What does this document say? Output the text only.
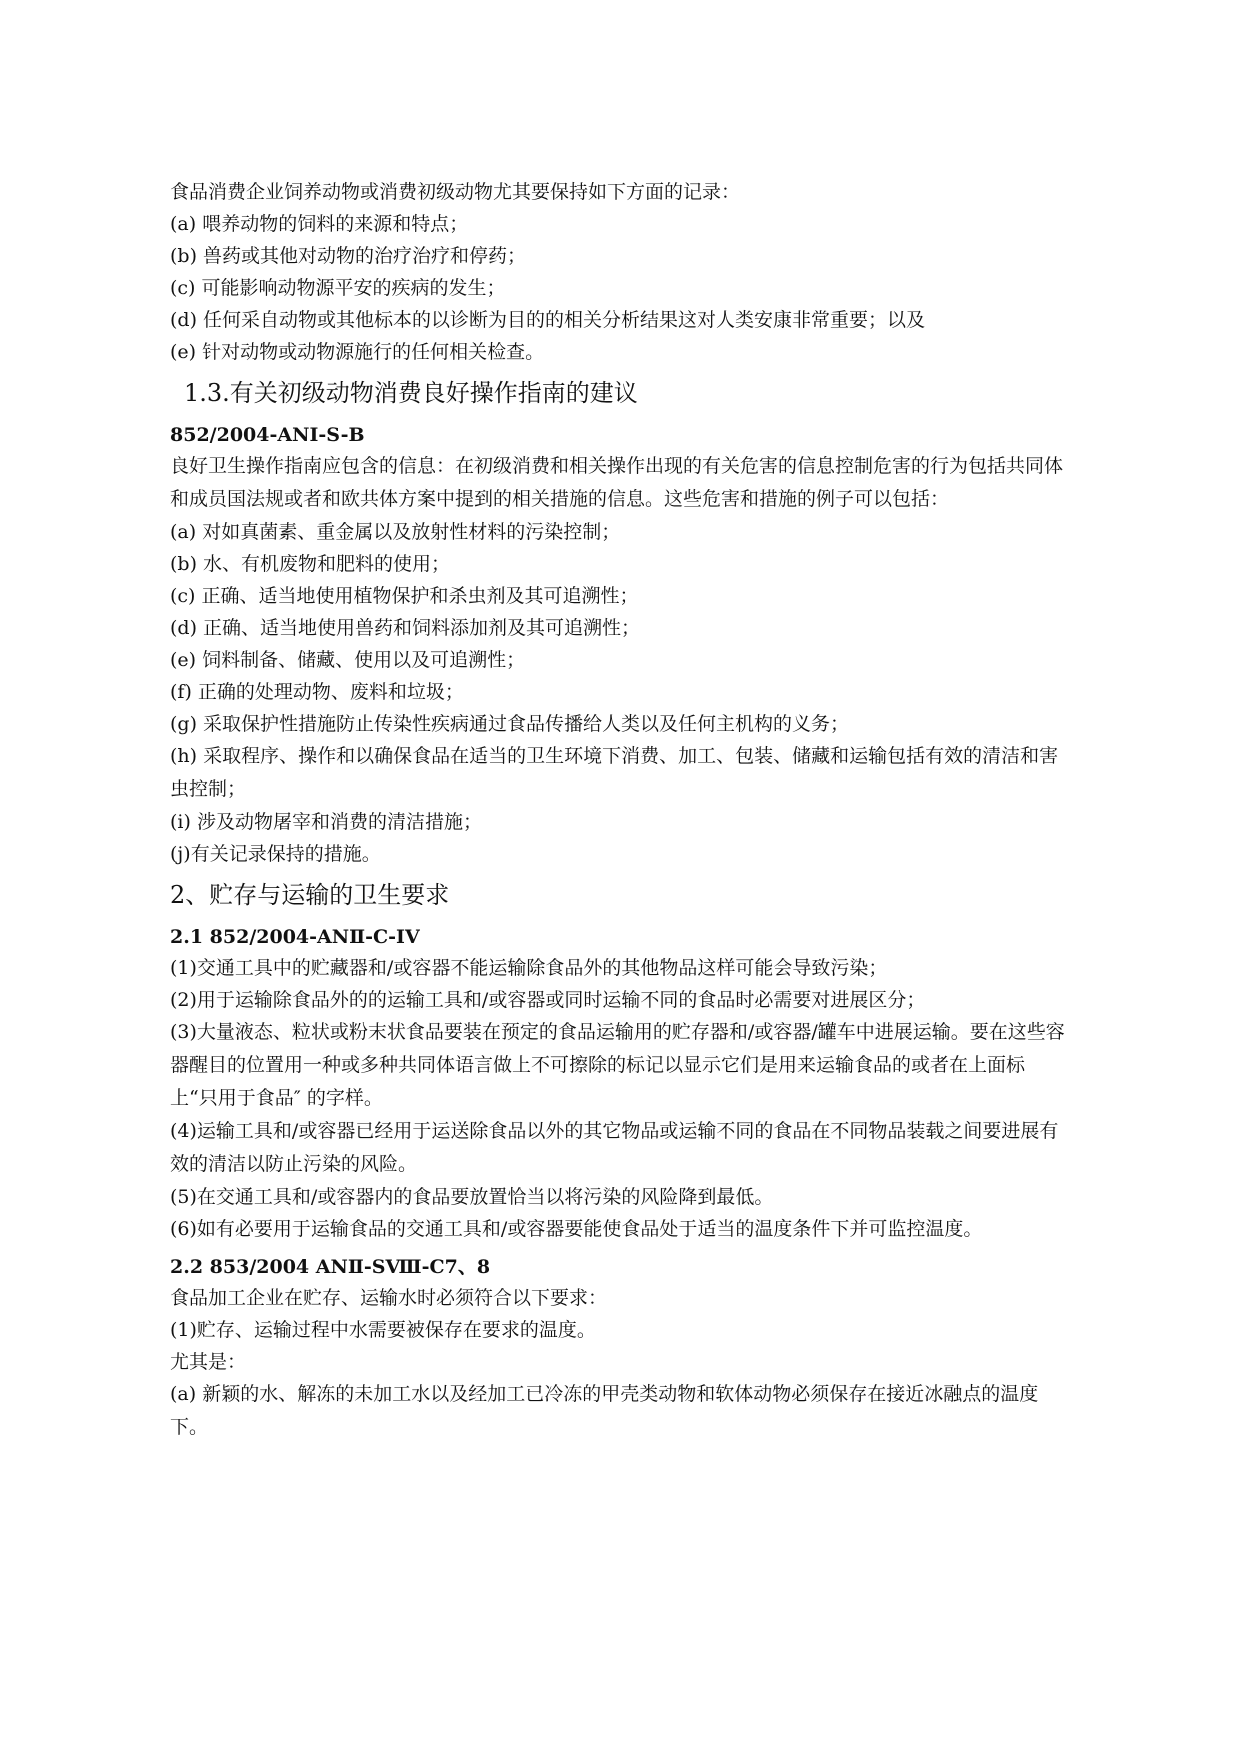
食品消费企业饲养动物或消费初级动物尤其要保持如下方面的记录：
(a) 喂养动物的饲料的来源和特点；
(b) 兽药或其他对动物的治疗治疗和停药；
(c) 可能影响动物源平安的疾病的发生；
(d) 任何采自动物或其他标本的以诊断为目的的相关分析结果这对人类安康非常重要；以及
(e) 针对动物或动物源施行的任何相关检查。
1.3.有关初级动物消费良好操作指南的建议
852/2004-ANⅠ-S-B
良好卫生操作指南应包含的信息：在初级消费和相关操作出现的有关危害的信息控制危害的行为包括共同体和成员国法规或者和欧共体方案中提到的相关措施的信息。这些危害和措施的例子可以包括：
(a) 对如真菌素、重金属以及放射性材料的污染控制；
(b) 水、有机废物和肥料的使用；
(c) 正确、适当地使用植物保护和杀虫剂及其可追溯性；
(d) 正确、适当地使用兽药和饲料添加剂及其可追溯性；
(e) 饲料制备、储藏、使用以及可追溯性；
(f) 正确的处理动物、废料和垃圾；
(g) 采取保护性措施防止传染性疾病通过食品传播给人类以及任何主机构的义务；
(h) 采取程序、操作和以确保食品在适当的卫生环境下消费、加工、包装、储藏和运输包括有效的清洁和害虫控制；
(i) 涉及动物屠宰和消费的清洁措施；
(j)有关记录保持的措施。
2、贮存与运输的卫生要求
2.1 852/2004-ANⅡ-C-IV
(1)交通工具中的贮藏器和/或容器不能运输除食品外的其他物品这样可能会导致污染；
(2)用于运输除食品外的的运输工具和/或容器或同时运输不同的食品时必需要对进展区分；
(3)大量液态、粒状或粉末状食品要装在预定的食品运输用的贮存器和/或容器/罐车中进展运输。要在这些容器醒目的位置用一种或多种共同体语言做上不可擦除的标记以显示它们是用来运输食品的或者在上面标上“只用于食品″ 的字样。
(4)运输工具和/或容器已经用于运送除食品以外的其它物品或运输不同的食品在不同物品装载之间要进展有效的清洁以防止污染的风险。
(5)在交通工具和/或容器内的食品要放置恰当以将污染的风险降到最低。
(6)如有必要用于运输食品的交通工具和/或容器要能使食品处于适当的温度条件下并可监控温度。
2.2 853/2004 ANⅡ-SⅧ-C7、8
食品加工企业在贮存、运输水时必须符合以下要求：
(1)贮存、运输过程中水需要被保存在要求的温度。
尤其是：
(a) 新颖的水、解冻的未加工水以及经加工已冷冻的甲壳类动物和软体动物必须保存在接近冰融点的温度下。
